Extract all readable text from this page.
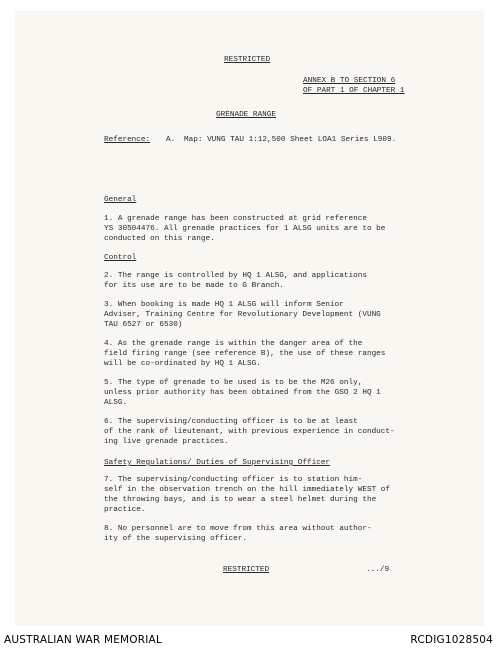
RESTRICTED
ANNEX B TO SECTION 6
OF PART 1 OF CHAPTER 1
GRENADE RANGE
Reference: A. Map: VUNG TAU 1:12,500 Sheet LOA1 Series L909.
General
1. A grenade range has been constructed at grid reference
YS 30504476. All grenade practices for 1 ALSG units are to be
conducted on this range.
Control
2. The range is controlled by HQ 1 ALSG, and applications
for its use are to be made to G Branch.
3. When booking is made HQ 1 ALSG will inform Senior
Adviser, Training Centre for Revolutionary Development (VUNG
TAU 6527 or 6530)
4. As the grenade range is within the danger area of the
field firing range (see reference B), the use of these ranges
will be co-ordinated by HQ 1 ALSG.
5. The type of grenade to be used is to be the M26 only,
unless prior authority has been obtained from the GSO 2 HQ 1
ALSG.
6. The supervising/conducting officer is to be at least
of the rank of lieutenant, with previous experience in conduct-
ing live grenade practices.
Safety Regulations/ Duties of Supervising Officer
7. The supervising/conducting officer is to station him-
self in the observation trench on the hill immediately WEST of
the throwing bays, and is to wear a steel helmet during the
practice.
8. No personnel are to move from this area without author-
ity of the supervising officer.
RESTRICTED	.../9
AUSTRALIAN WAR MEMORIAL	RCDIG1028504
